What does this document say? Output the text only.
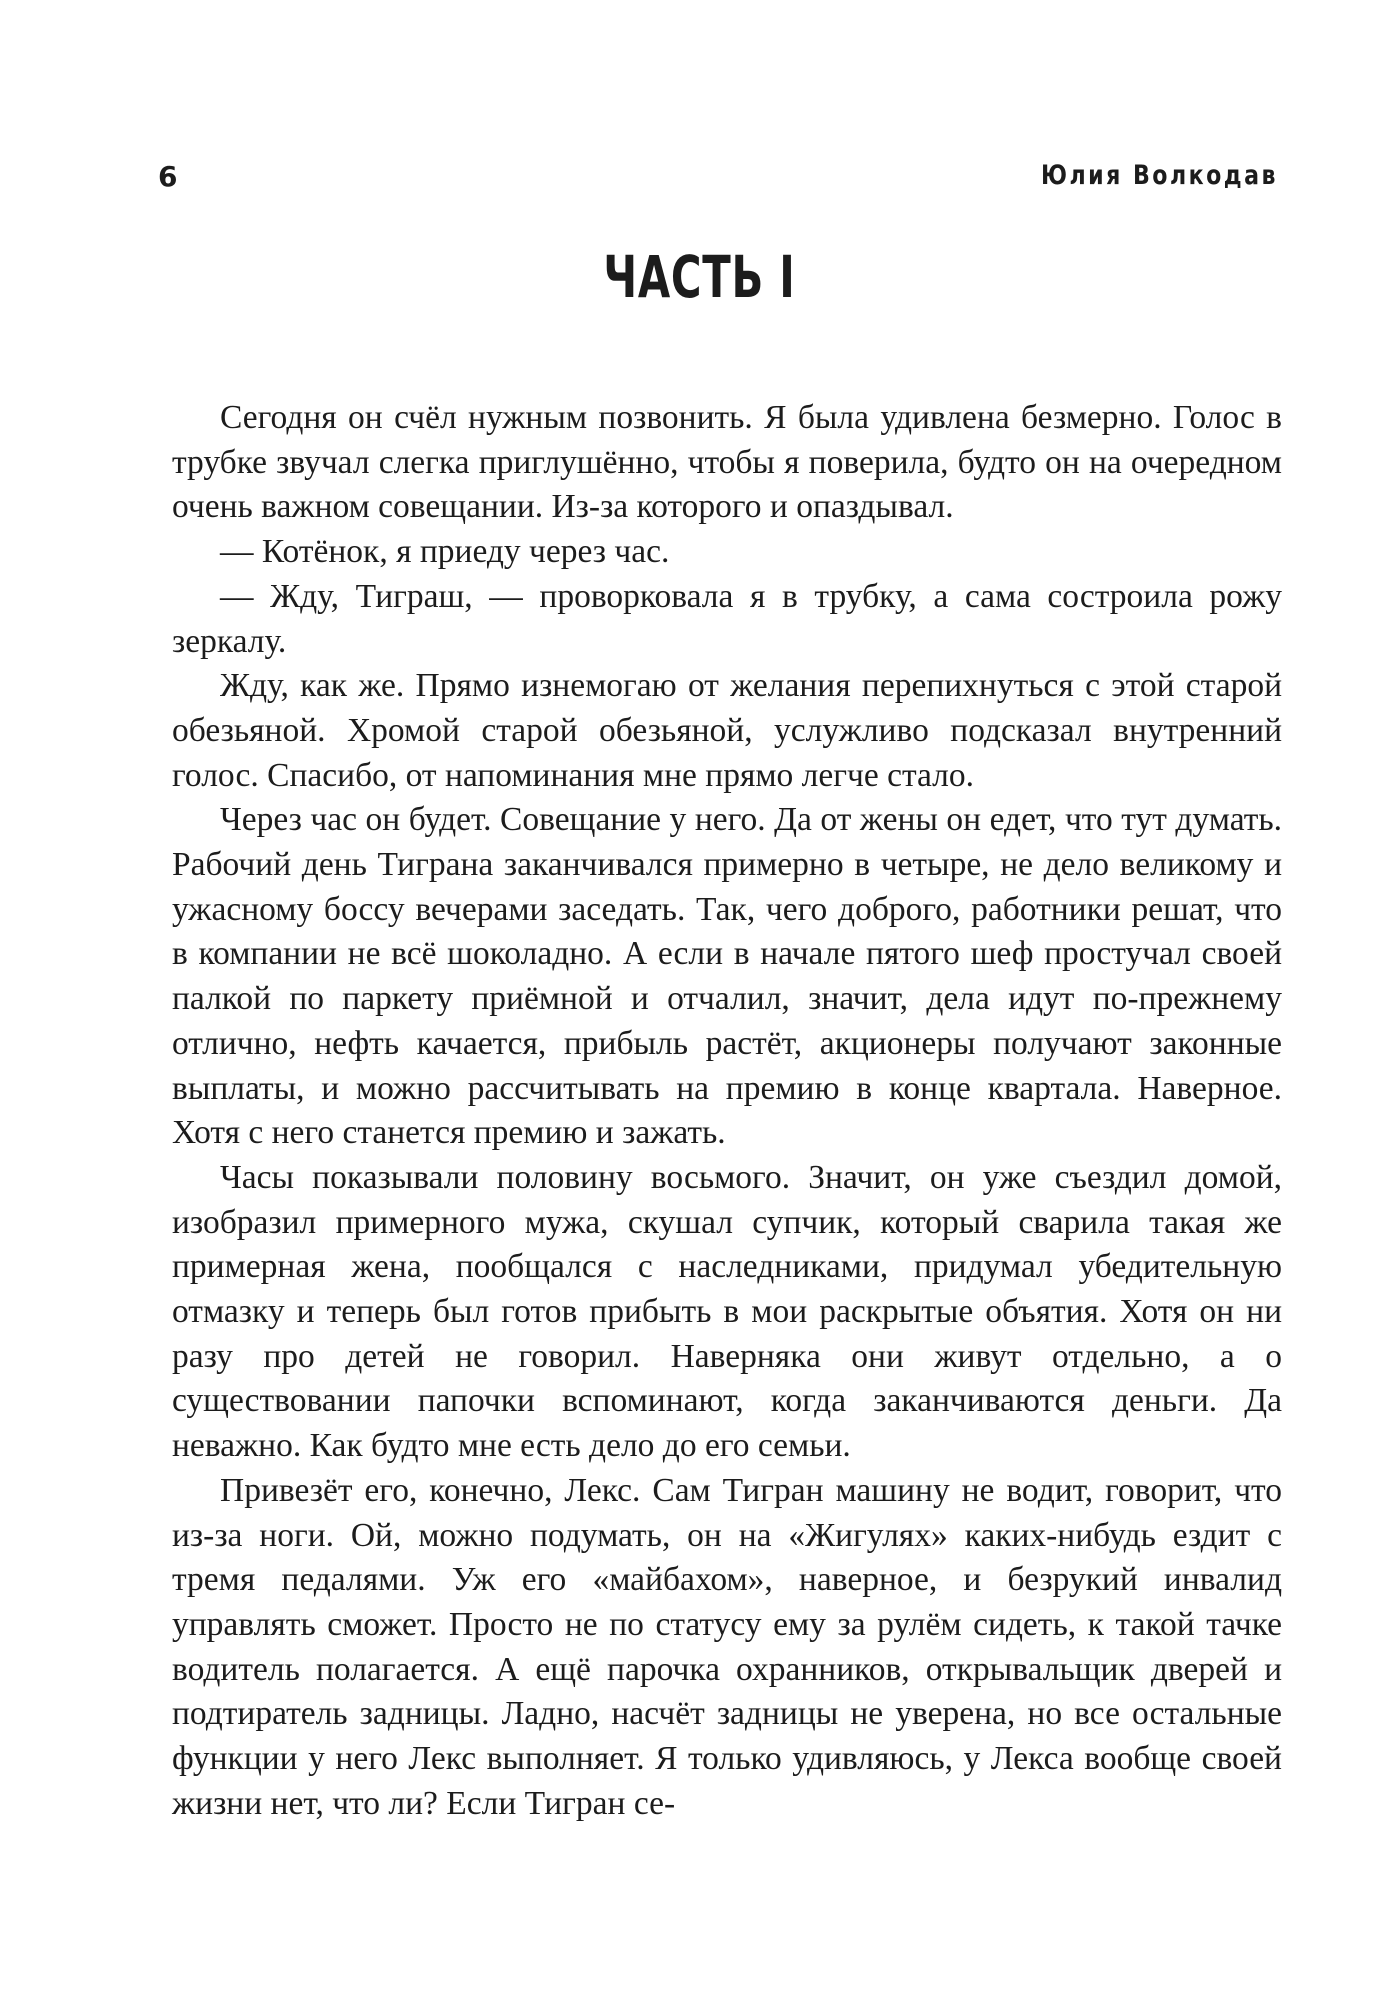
6	Юлия Волкодав
ЧАСТЬ I

Сегодня он счёл нужным позвонить. Я была удивлена безмерно. Голос в трубке звучал слегка приглушённо, чтобы я поверила, будто он на очередном очень важном совещании. Из-за которого и опаздывал.

— Котёнок, я приеду через час.

— Жду, Тиграш, — проворковала я в трубку, а сама состроила рожу зеркалу.

Жду, как же. Прямо изнемогаю от желания перепихнуться с этой старой обезьяной. Хромой старой обезьяной, услужливо подсказал внутренний голос. Спасибо, от напоминания мне прямо легче стало.

Через час он будет. Совещание у него. Да от жены он едет, что тут думать. Рабочий день Тиграна заканчивался примерно в четыре, не дело великому и ужасному боссу вечерами заседать. Так, чего доброго, работники решат, что в компании не всё шоколадно. А если в начале пятого шеф простучал своей палкой по паркету приёмной и отчалил, значит, дела идут по-прежнему отлично, нефть качается, прибыль растёт, акционеры получают законные выплаты, и можно рассчитывать на премию в конце квартала. Наверное. Хотя с него станется премию и зажать.

Часы показывали половину восьмого. Значит, он уже съездил домой, изобразил примерного мужа, скушал супчик, который сварила такая же примерная жена, пообщался с наследниками, придумал убедительную отмазку и теперь был готов прибыть в мои раскрытые объятия. Хотя он ни разу про детей не говорил. Наверняка они живут отдельно, а о существовании папочки вспоминают, когда заканчиваются деньги. Да неважно. Как будто мне есть дело до его семьи.

Привезёт его, конечно, Лекс. Сам Тигран машину не водит, говорит, что из-за ноги. Ой, можно подумать, он на «Жигулях» каких-нибудь ездит с тремя педалями. Уж его «майбахом», наверное, и безрукий инвалид управлять сможет. Просто не по статусу ему за рулём сидеть, к такой тачке водитель полагается. А ещё парочка охранников, открывальщик дверей и подтиратель задницы. Ладно, насчёт задницы не уверена, но все остальные функции у него Лекс выполняет. Я только удивляюсь, у Лекса вообще своей жизни нет, что ли? Если Тигран се-
